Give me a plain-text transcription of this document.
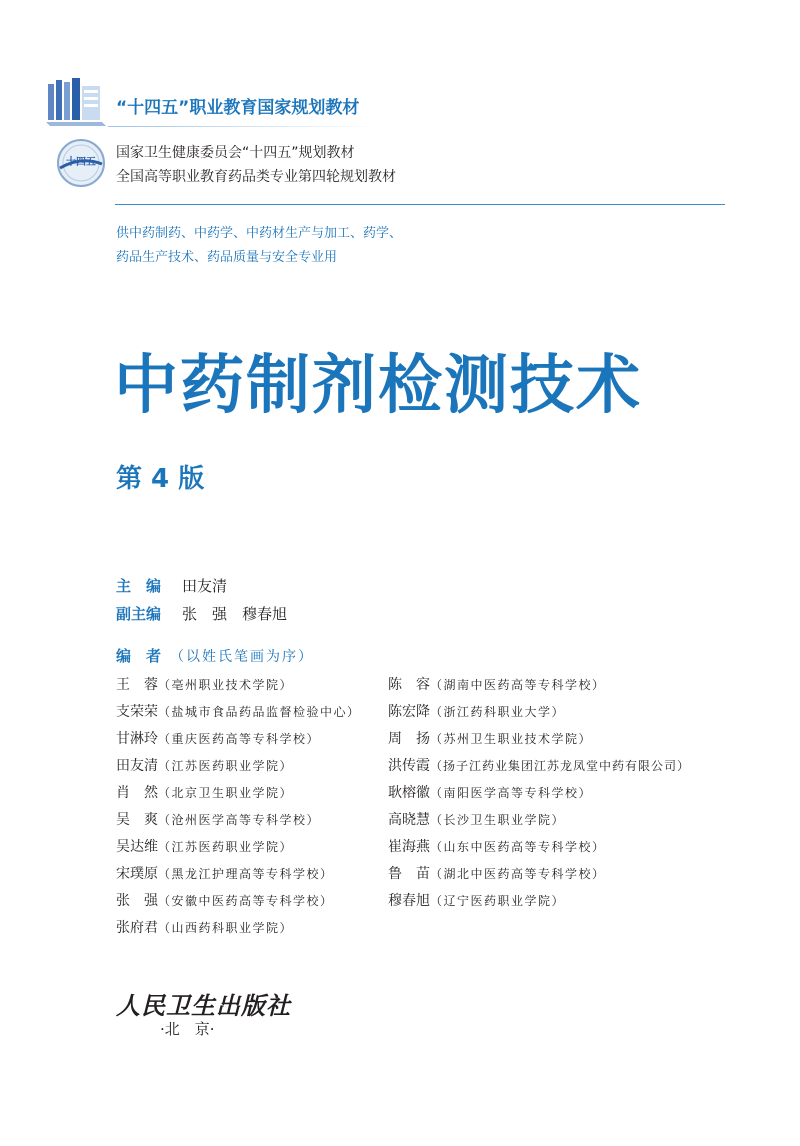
“十四五”职业教育国家规划教材
十四五
国家卫生健康委员会“十四五”规划教材
全国高等职业教育药品类专业第四轮规划教材
供中药制药、中药学、中药材生产与加工、药学、
药品生产技术、药品质量与安全专业用
中药制剂检测技术
第 4 版
主　编 田友清
副主编 张　强　穆春旭
编　者 （以姓氏笔画为序）
王　蓉（亳州职业技术学院）
支荣荣（盐城市食品药品监督检验中心）
甘淋玲（重庆医药高等专科学校）
田友清（江苏医药职业学院）
肖　然（北京卫生职业学院）
吴　爽（沧州医学高等专科学校）
吴达维（江苏医药职业学院）
宋璞原（黑龙江护理高等专科学校）
张　强（安徽中医药高等专科学校）
张府君（山西药科职业学院）
陈　容（湖南中医药高等专科学校）
陈宏降（浙江药科职业大学）
周　扬（苏州卫生职业技术学院）
洪传霞（扬子江药业集团江苏龙凤堂中药有限公司）
耿榕徽（南阳医学高等专科学校）
高晓慧（长沙卫生职业学院）
崔海燕（山东中医药高等专科学校）
鲁　苗（湖北中医药高等专科学校）
穆春旭（辽宁医药职业学院）
人民卫生出版社
·北　京·
